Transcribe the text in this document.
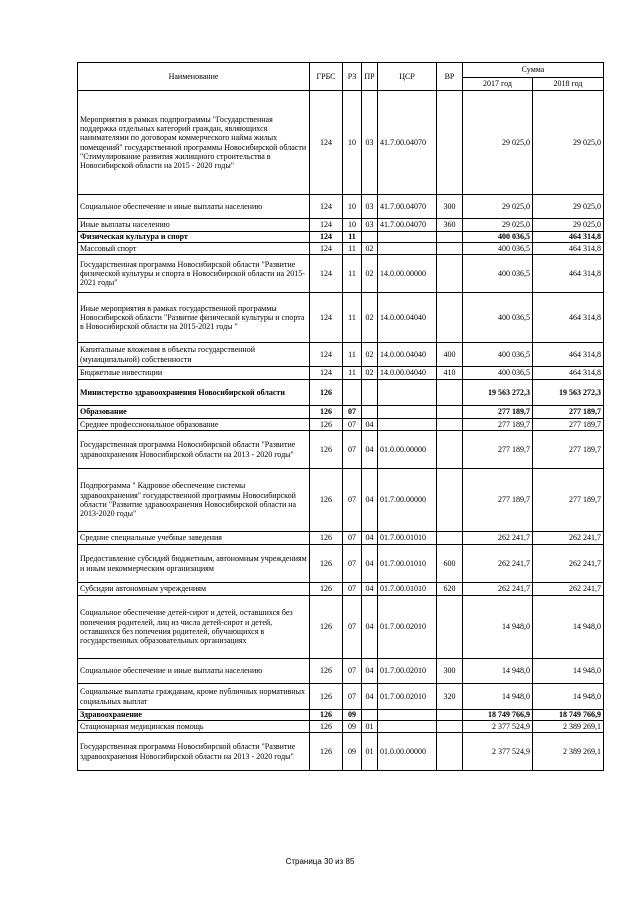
Наименование	ГРБС	РЗ	ПР	ЦСР	ВР	Сумма	
						2017 год	2018 год
Мероприятия в рамках подпрограммы "Государственная поддержка отдельных категорий граждан, являющихся нанимателями по договорам коммерческого найма жилых помещений" государственной программы Новосибирской области "Стимулирование развития жилищного строительства в Новосибирской области на 2015 - 2020 годы"	124	10	03	41.7.00.04070		29 025,0	29 025,0
Социальное обеспечение и иные выплаты населению	124	10	03	41.7.00.04070	300	29 025,0	29 025,0
Иные выплаты населению	124	10	03	41.7.00.04070	360	29 025,0	29 025,0
Физическая культура и спорт	124	11				400 036,5	464 314,8
Массовый спорт	124	11	02			400 036,5	464 314,8
Государственная программа Новосибирской области "Развитие физической культуры и спорта в Новосибирской области на 2015-2021 годы"	124	11	02	14.0.00.00000		400 036,5	464 314,8
Иные мероприятия в рамках государственной программы Новосибирской области "Развитие физической культуры и спорта в Новосибирской области на 2015-2021 годы "	124	11	02	14.0.00.04040		400 036,5	464 314,8
Капитальные вложения в объекты государственной (муниципальной) собственности	124	11	02	14.0.00.04040	400	400 036,5	464 314,8
Бюджетные инвестиции	124	11	02	14.0.00.04040	410	400 036,5	464 314,8
Министерство здравоохранения Новосибирской области	126					19 563 272,3	19 563 272,3
Образование	126	07				277 189,7	277 189,7
Среднее профессиональное образование	126	07	04			277 189,7	277 189,7
Государственная программа Новосибирской области "Развитие здравоохранения Новосибирской области на 2013 - 2020 годы"	126	07	04	01.0.00.00000		277 189,7	277 189,7
Подпрограмма " Кадровое обеспечение системы здравоохранения" государственной программы Новосибирской области "Развитие здравоохранения Новосибирской области на 2013-2020 годы"	126	07	04	01.7.00.00000		277 189,7	277 189,7
Средние специальные учебные заведения	126	07	04	01.7.00.01010		262 241,7	262 241,7
Предоставление субсидий бюджетным, автономным учреждениям и иным некоммерческим организациям	126	07	04	01.7.00.01010	600	262 241,7	262 241,7
Субсидии автономным учреждениям	126	07	04	01.7.00.01010	620	262 241,7	262 241,7
Социальное обеспечение детей-сирот и детей, оставшихся без попечения родителей, лиц из числа детей-сирот и детей, оставшихся без попечения родителей, обучающихся в государственных образовательных организациях	126	07	04	01.7.00.02010		14 948,0	14 948,0
Социальное обеспечение и иные выплаты населению	126	07	04	01.7.00.02010	300	14 948,0	14 948,0
Социальные выплаты гражданам, кроме публичных нормативных социальных выплат	126	07	04	01.7.00.02010	320	14 948,0	14 948,0
Здравоохранение	126	09				18 749 766,9	18 749 766,9
Стационарная медицинская помощь	126	09	01			2 377 524,9	2 389 269,1
Государственная программа Новосибирской области "Развитие здравоохранения Новосибирской области на 2013 - 2020 годы"	126	09	01	01.0.00.00000		2 377 524,9	2 389 269,1
Страница 30 из 85
